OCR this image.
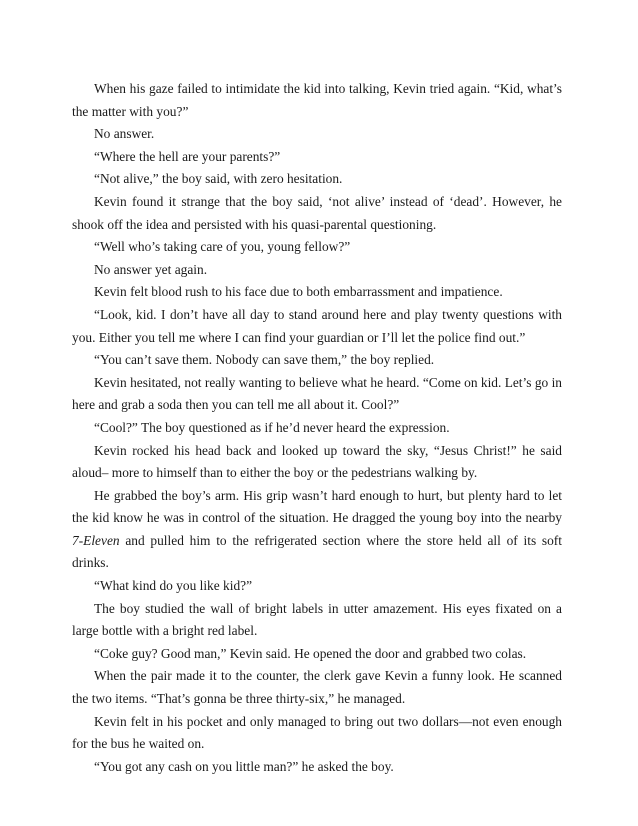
When his gaze failed to intimidate the kid into talking, Kevin tried again. “Kid, what’s the matter with you?”

No answer.

“Where the hell are your parents?”

“Not alive,” the boy said, with zero hesitation.

Kevin found it strange that the boy said, ‘not alive’ instead of ‘dead’. However, he shook off the idea and persisted with his quasi-parental questioning.

“Well who’s taking care of you, young fellow?”

No answer yet again.

Kevin felt blood rush to his face due to both embarrassment and impatience.

“Look, kid. I don’t have all day to stand around here and play twenty questions with you. Either you tell me where I can find your guardian or I’ll let the police find out.”

“You can’t save them. Nobody can save them,” the boy replied.

Kevin hesitated, not really wanting to believe what he heard. “Come on kid. Let’s go in here and grab a soda then you can tell me all about it. Cool?”

“Cool?” The boy questioned as if he’d never heard the expression.

Kevin rocked his head back and looked up toward the sky, “Jesus Christ!” he said aloud– more to himself than to either the boy or the pedestrians walking by.

He grabbed the boy’s arm. His grip wasn’t hard enough to hurt, but plenty hard to let the kid know he was in control of the situation. He dragged the young boy into the nearby 7-Eleven and pulled him to the refrigerated section where the store held all of its soft drinks.

“What kind do you like kid?”

The boy studied the wall of bright labels in utter amazement. His eyes fixated on a large bottle with a bright red label.

“Coke guy? Good man,” Kevin said. He opened the door and grabbed two colas.

When the pair made it to the counter, the clerk gave Kevin a funny look. He scanned the two items. “That’s gonna be three thirty-six,” he managed.

Kevin felt in his pocket and only managed to bring out two dollars—not even enough for the bus he waited on.

“You got any cash on you little man?” he asked the boy.
